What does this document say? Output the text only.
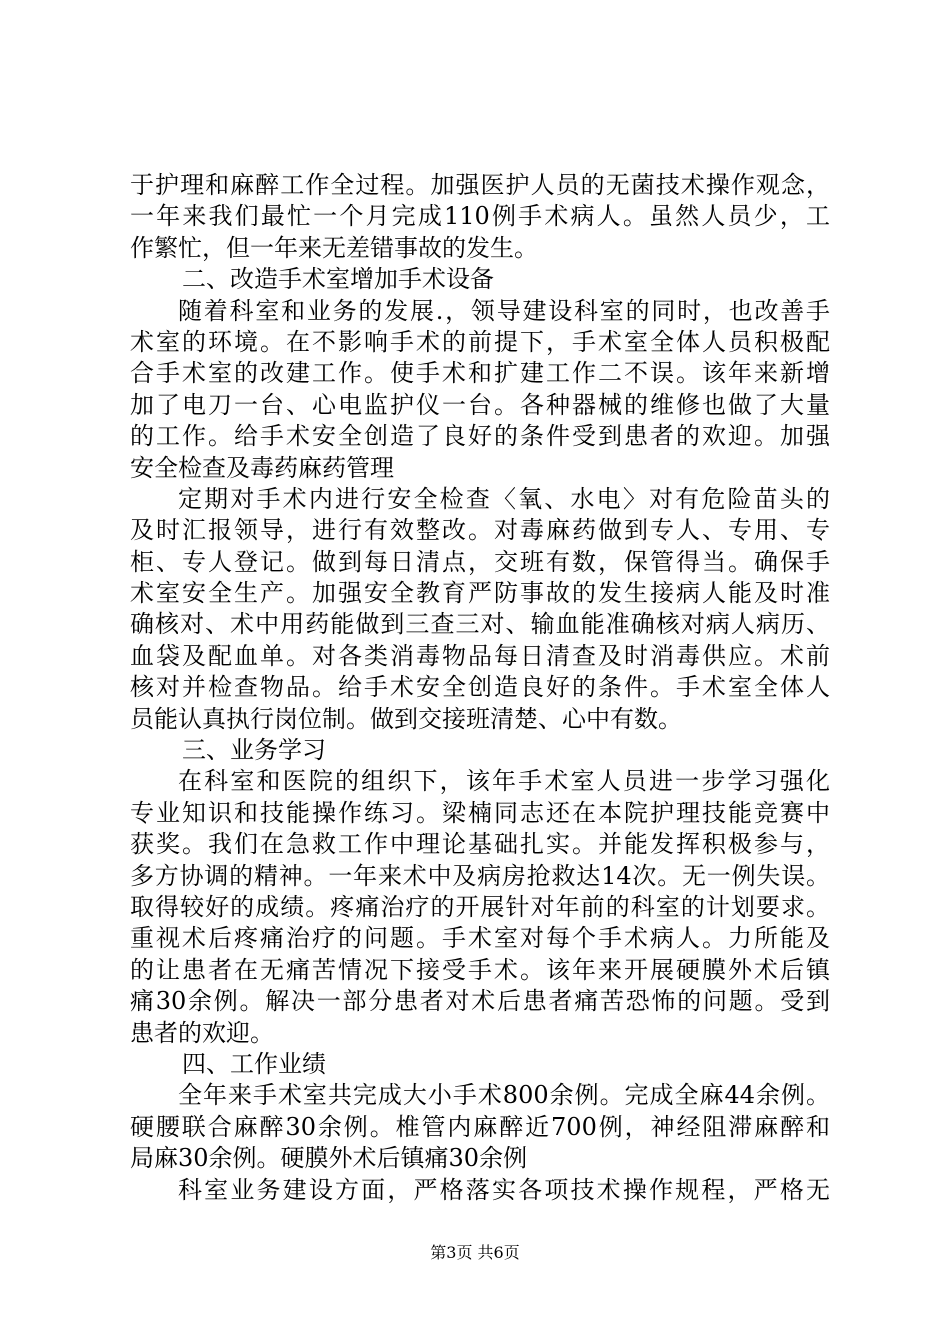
于护理和麻醉工作全过程。加强医护人员的无菌技术操作观念，
一年来我们最忙一个月完成110例手术病人。虽然人员少，工
作繁忙，但一年来无差错事故的发生。
二、改造手术室增加手术设备
随着科室和业务的发展.，领导建设科室的同时，也改善手
术室的环境。在不影响手术的前提下，手术室全体人员积极配
合手术室的改建工作。使手术和扩建工作二不误。该年来新增
加了电刀一台、心电监护仪一台。各种器械的维修也做了大量
的工作。给手术安全创造了良好的条件受到患者的欢迎。加强
安全检查及毒药麻药管理
定期对手术内进行安全检查〈氧、水电〉对有危险苗头的
及时汇报领导，进行有效整改。对毒麻药做到专人、专用、专
柜、专人登记。做到每日清点，交班有数，保管得当。确保手
术室安全生产。加强安全教育严防事故的发生接病人能及时准
确核对、术中用药能做到三查三对、输血能准确核对病人病历、
血袋及配血单。对各类消毒物品每日清查及时消毒供应。术前
核对并检查物品。给手术安全创造良好的条件。手术室全体人
员能认真执行岗位制。做到交接班清楚、心中有数。
三、业务学习
在科室和医院的组织下，该年手术室人员进一步学习强化
专业知识和技能操作练习。梁楠同志还在本院护理技能竞赛中
获奖。我们在急救工作中理论基础扎实。并能发挥积极参与，
多方协调的精神。一年来术中及病房抢救达14次。无一例失误。
取得较好的成绩。疼痛治疗的开展针对年前的科室的计划要求。
重视术后疼痛治疗的问题。手术室对每个手术病人。力所能及
的让患者在无痛苦情况下接受手术。该年来开展硬膜外术后镇
痛30余例。解决一部分患者对术后患者痛苦恐怖的问题。受到
患者的欢迎。
四、工作业绩
全年来手术室共完成大小手术800余例。完成全麻44余例。
硬腰联合麻醉30余例。椎管内麻醉近700例，神经阻滞麻醉和
局麻30余例。硬膜外术后镇痛30余例
科室业务建设方面，严格落实各项技术操作规程，严格无
第3页 共6页
